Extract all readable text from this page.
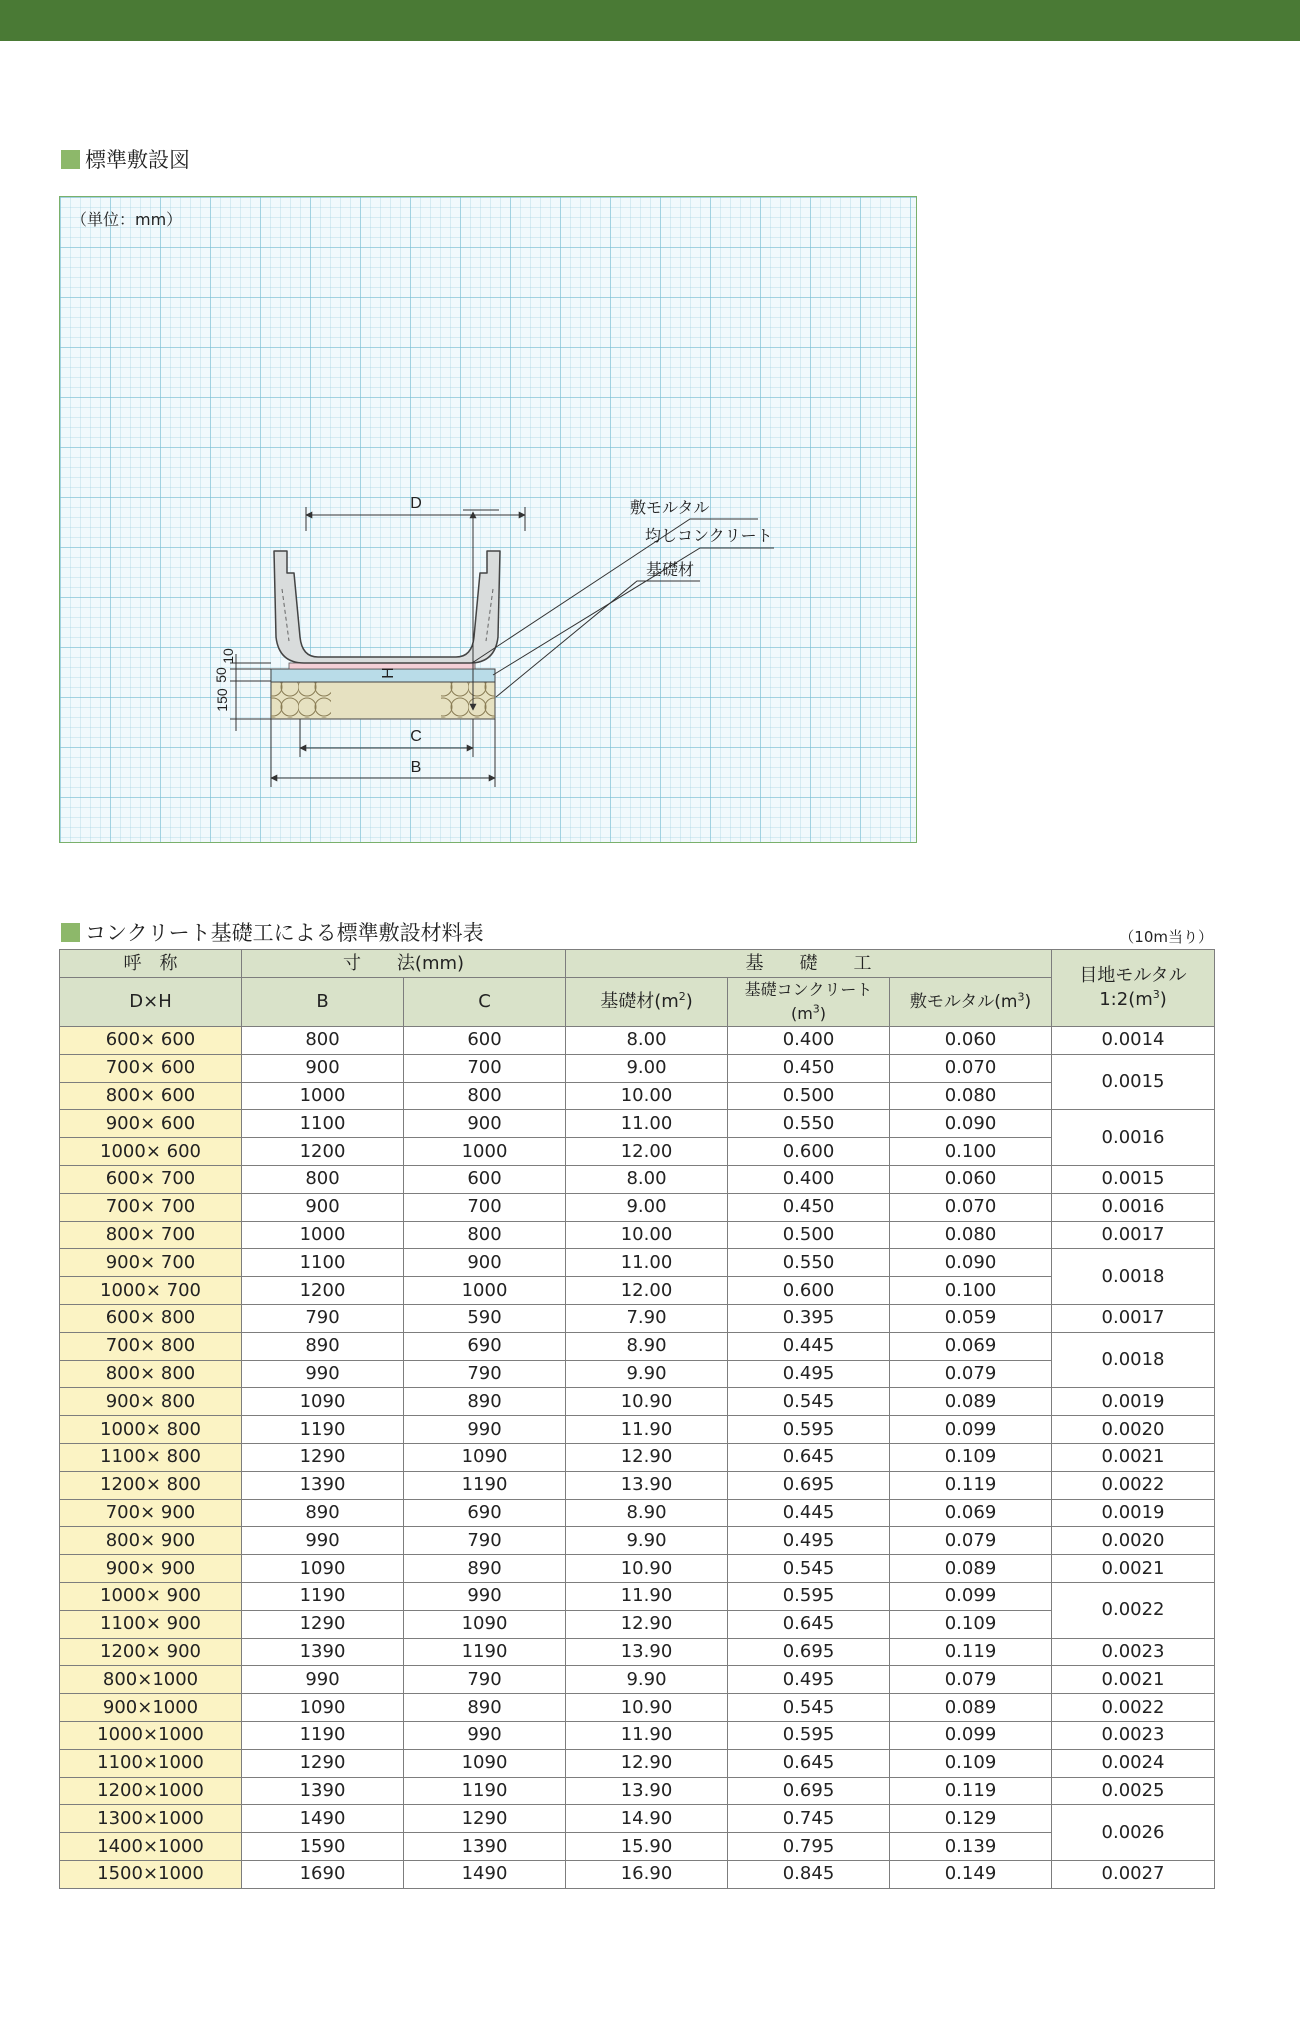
標準敷設図
D
H
C
B
10
50
150
敷モルタル
均しコンクリート
基礎材
（単位：mm）
コンクリート基礎工による標準敷設材料表	（10m当り）
呼　称	寸　　法(mm)		基　　礎　　工			目地モルタル
$1:2(m^3)$

D×H	B	C	基礎材$(m^2)$	基礎コンクリート$(m^3)$	敷モルタル$(m^3)$	
600× 600	800	600	8.00	0.400	0.060	0.0014
700× 600	900	700	9.00	0.450	0.070	0.0015
800× 600	1000	800	10.00	0.500	0.080	
900× 600	1100	900	11.00	0.550	0.090	0.0016
1000× 600	1200	1000	12.00	0.600	0.100	
600× 700	800	600	8.00	0.400	0.060	0.0015
700× 700	900	700	9.00	0.450	0.070	0.0016
800× 700	1000	800	10.00	0.500	0.080	0.0017
900× 700	1100	900	11.00	0.550	0.090	0.0018
1000× 700	1200	1000	12.00	0.600	0.100	
600× 800	790	590	7.90	0.395	0.059	0.0017
700× 800	890	690	8.90	0.445	0.069	0.0018
800× 800	990	790	9.90	0.495	0.079	
900× 800	1090	890	10.90	0.545	0.089	0.0019
1000× 800	1190	990	11.90	0.595	0.099	0.0020
1100× 800	1290	1090	12.90	0.645	0.109	0.0021
1200× 800	1390	1190	13.90	0.695	0.119	0.0022
700× 900	890	690	8.90	0.445	0.069	0.0019
800× 900	990	790	9.90	0.495	0.079	0.0020
900× 900	1090	890	10.90	0.545	0.089	0.0021
1000× 900	1190	990	11.90	0.595	0.099	0.0022
1100× 900	1290	1090	12.90	0.645	0.109	
1200× 900	1390	1190	13.90	0.695	0.119	0.0023
800×1000	990	790	9.90	0.495	0.079	0.0021
900×1000	1090	890	10.90	0.545	0.089	0.0022
1000×1000	1190	990	11.90	0.595	0.099	0.0023
1100×1000	1290	1090	12.90	0.645	0.109	0.0024
1200×1000	1390	1190	13.90	0.695	0.119	0.0025
1300×1000	1490	1290	14.90	0.745	0.129	0.0026
1400×1000	1590	1390	15.90	0.795	0.139	
1500×1000	1690	1490	16.90	0.845	0.149	0.0027
